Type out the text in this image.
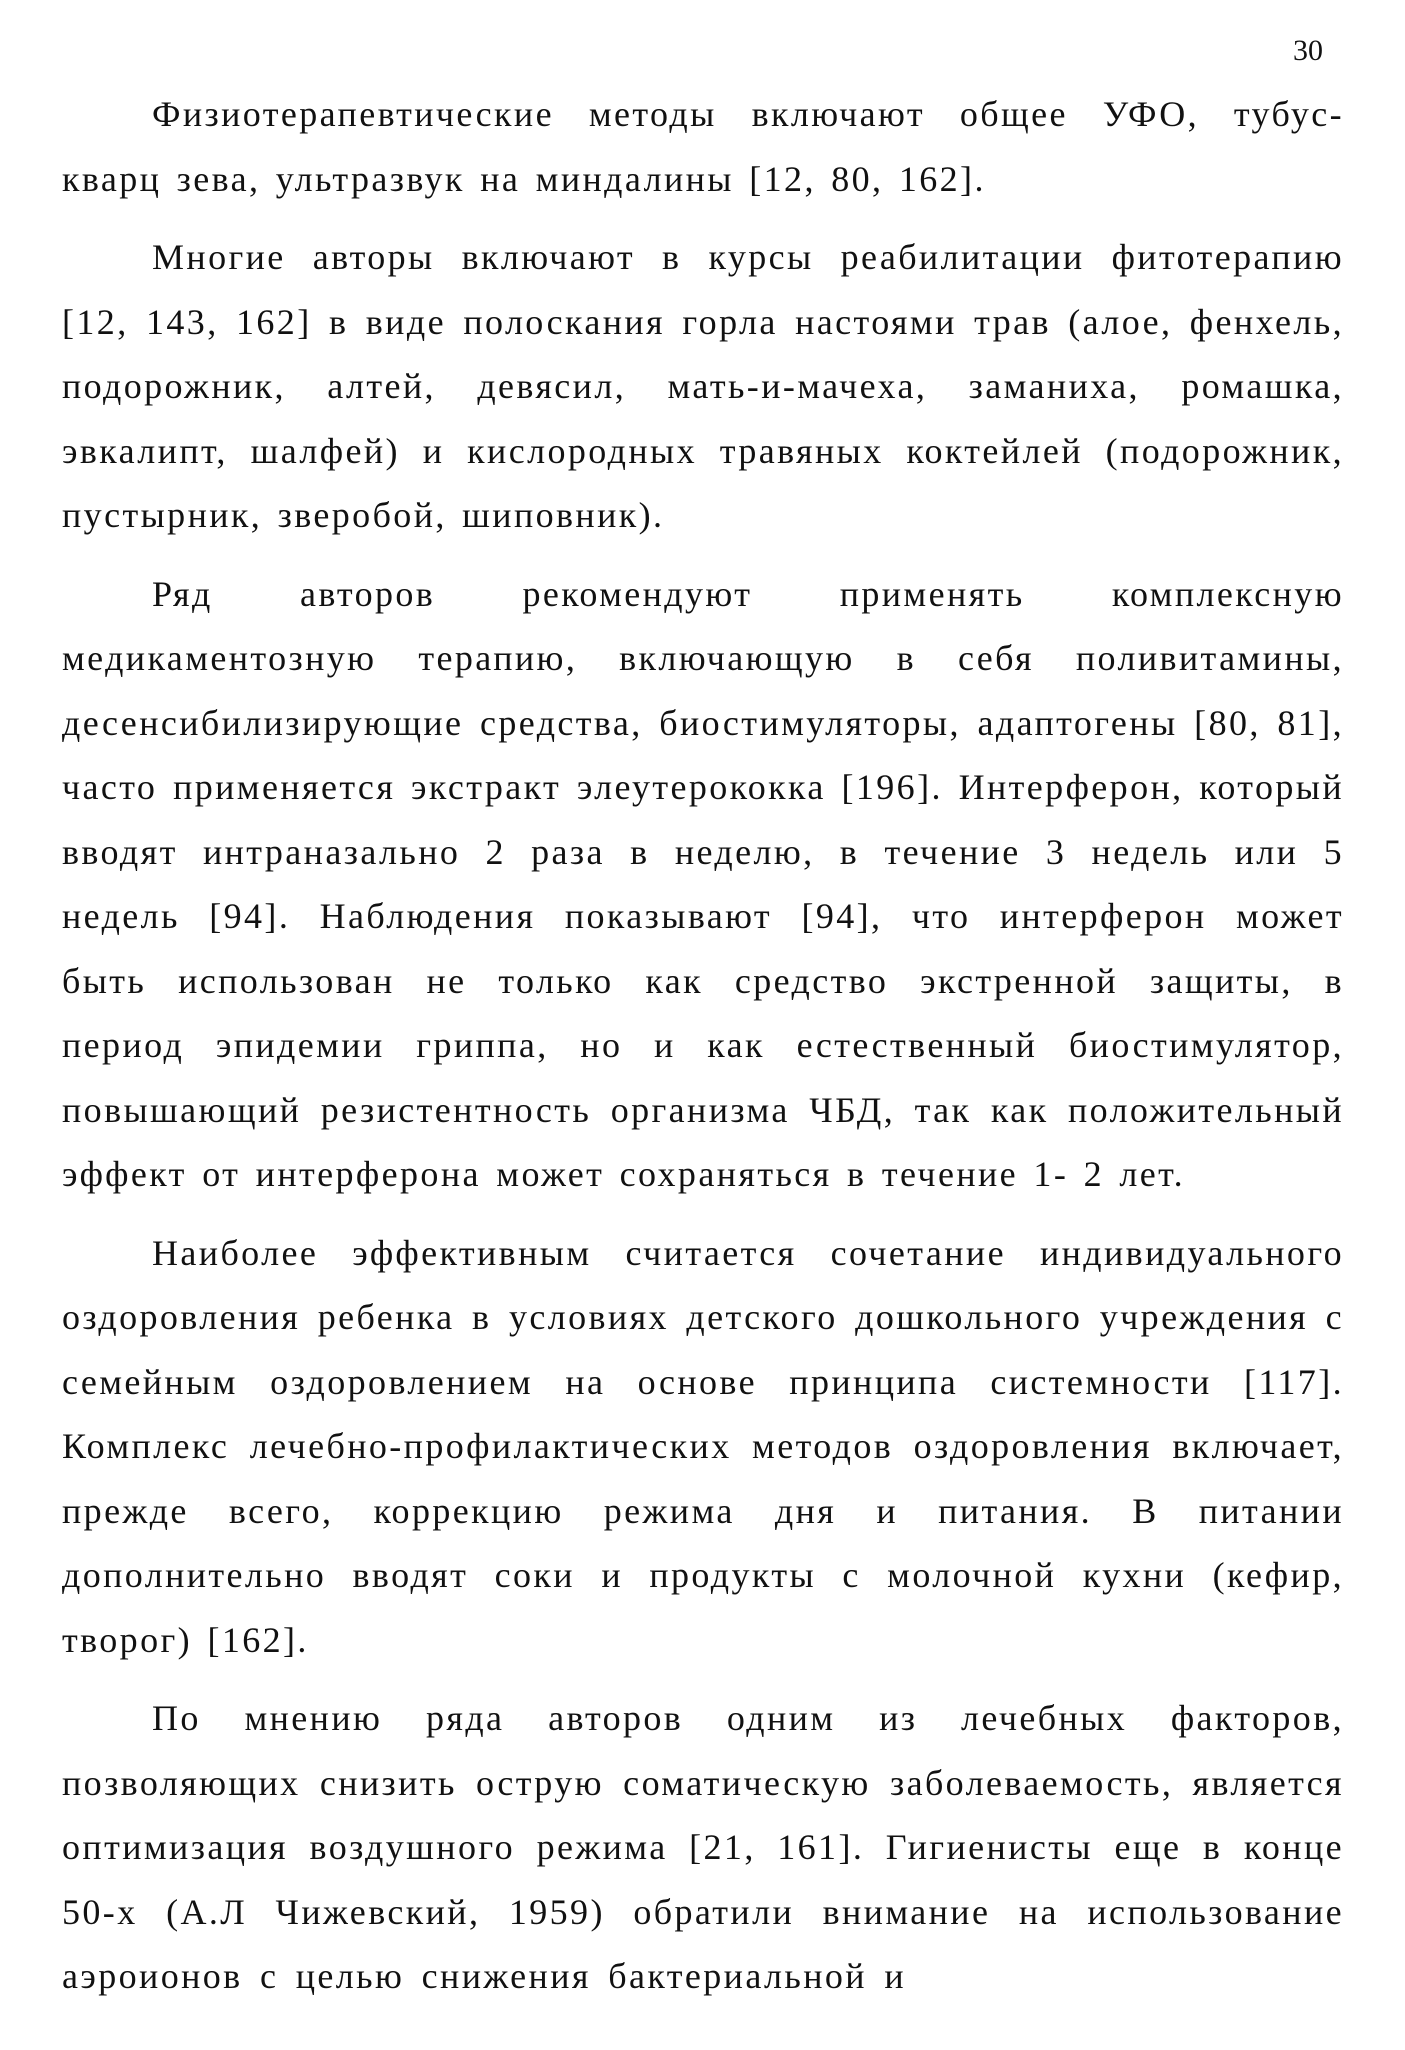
30

Физиотерапевтические методы включают общее УФО, тубус-кварц зева, ультразвук на миндалины [12, 80, 162].

Многие авторы включают в курсы реабилитации фитотерапию [12, 143, 162] в виде полоскания горла настоями трав (алое, фенхель, подорожник, алтей, девясил, мать-и-мачеха, заманиха, ромашка, эвкалипт, шалфей) и кислородных травяных коктейлей (подорожник, пустырник, зверобой, шиповник).

Ряд авторов рекомендуют применять комплексную медикаментозную терапию, включающую в себя поливитамины, десенсибилизирующие средства, биостимуляторы, адаптогены [80, 81], часто применяется экстракт элеутерококка [196]. Интерферон, который вводят интраназально 2 раза в неделю, в течение 3 недель или 5 недель [94]. Наблюдения показывают [94], что интерферон может быть использован не только как средство экстренной защиты, в период эпидемии гриппа, но и как естественный биостимулятор, повышающий резистентность организма ЧБД, так как положительный эффект от интерферона может сохраняться в течение 1- 2 лет.

Наиболее эффективным считается сочетание индивидуального оздоровления ребенка в условиях детского дошкольного учреждения с семейным оздоровлением на основе принципа системности [117]. Комплекс лечебно-профилактических методов оздоровления включает, прежде всего, коррекцию режима дня и питания. В питании дополнительно вводят соки и продукты с молочной кухни (кефир, творог) [162].

По мнению ряда авторов одним из лечебных факторов, позволяющих снизить острую соматическую заболеваемость, является оптимизация воздушного режима [21, 161]. Гигиенисты еще в конце 50-х (А.Л Чижевский, 1959) обратили внимание на использование аэроионов с целью снижения бактериальной и
